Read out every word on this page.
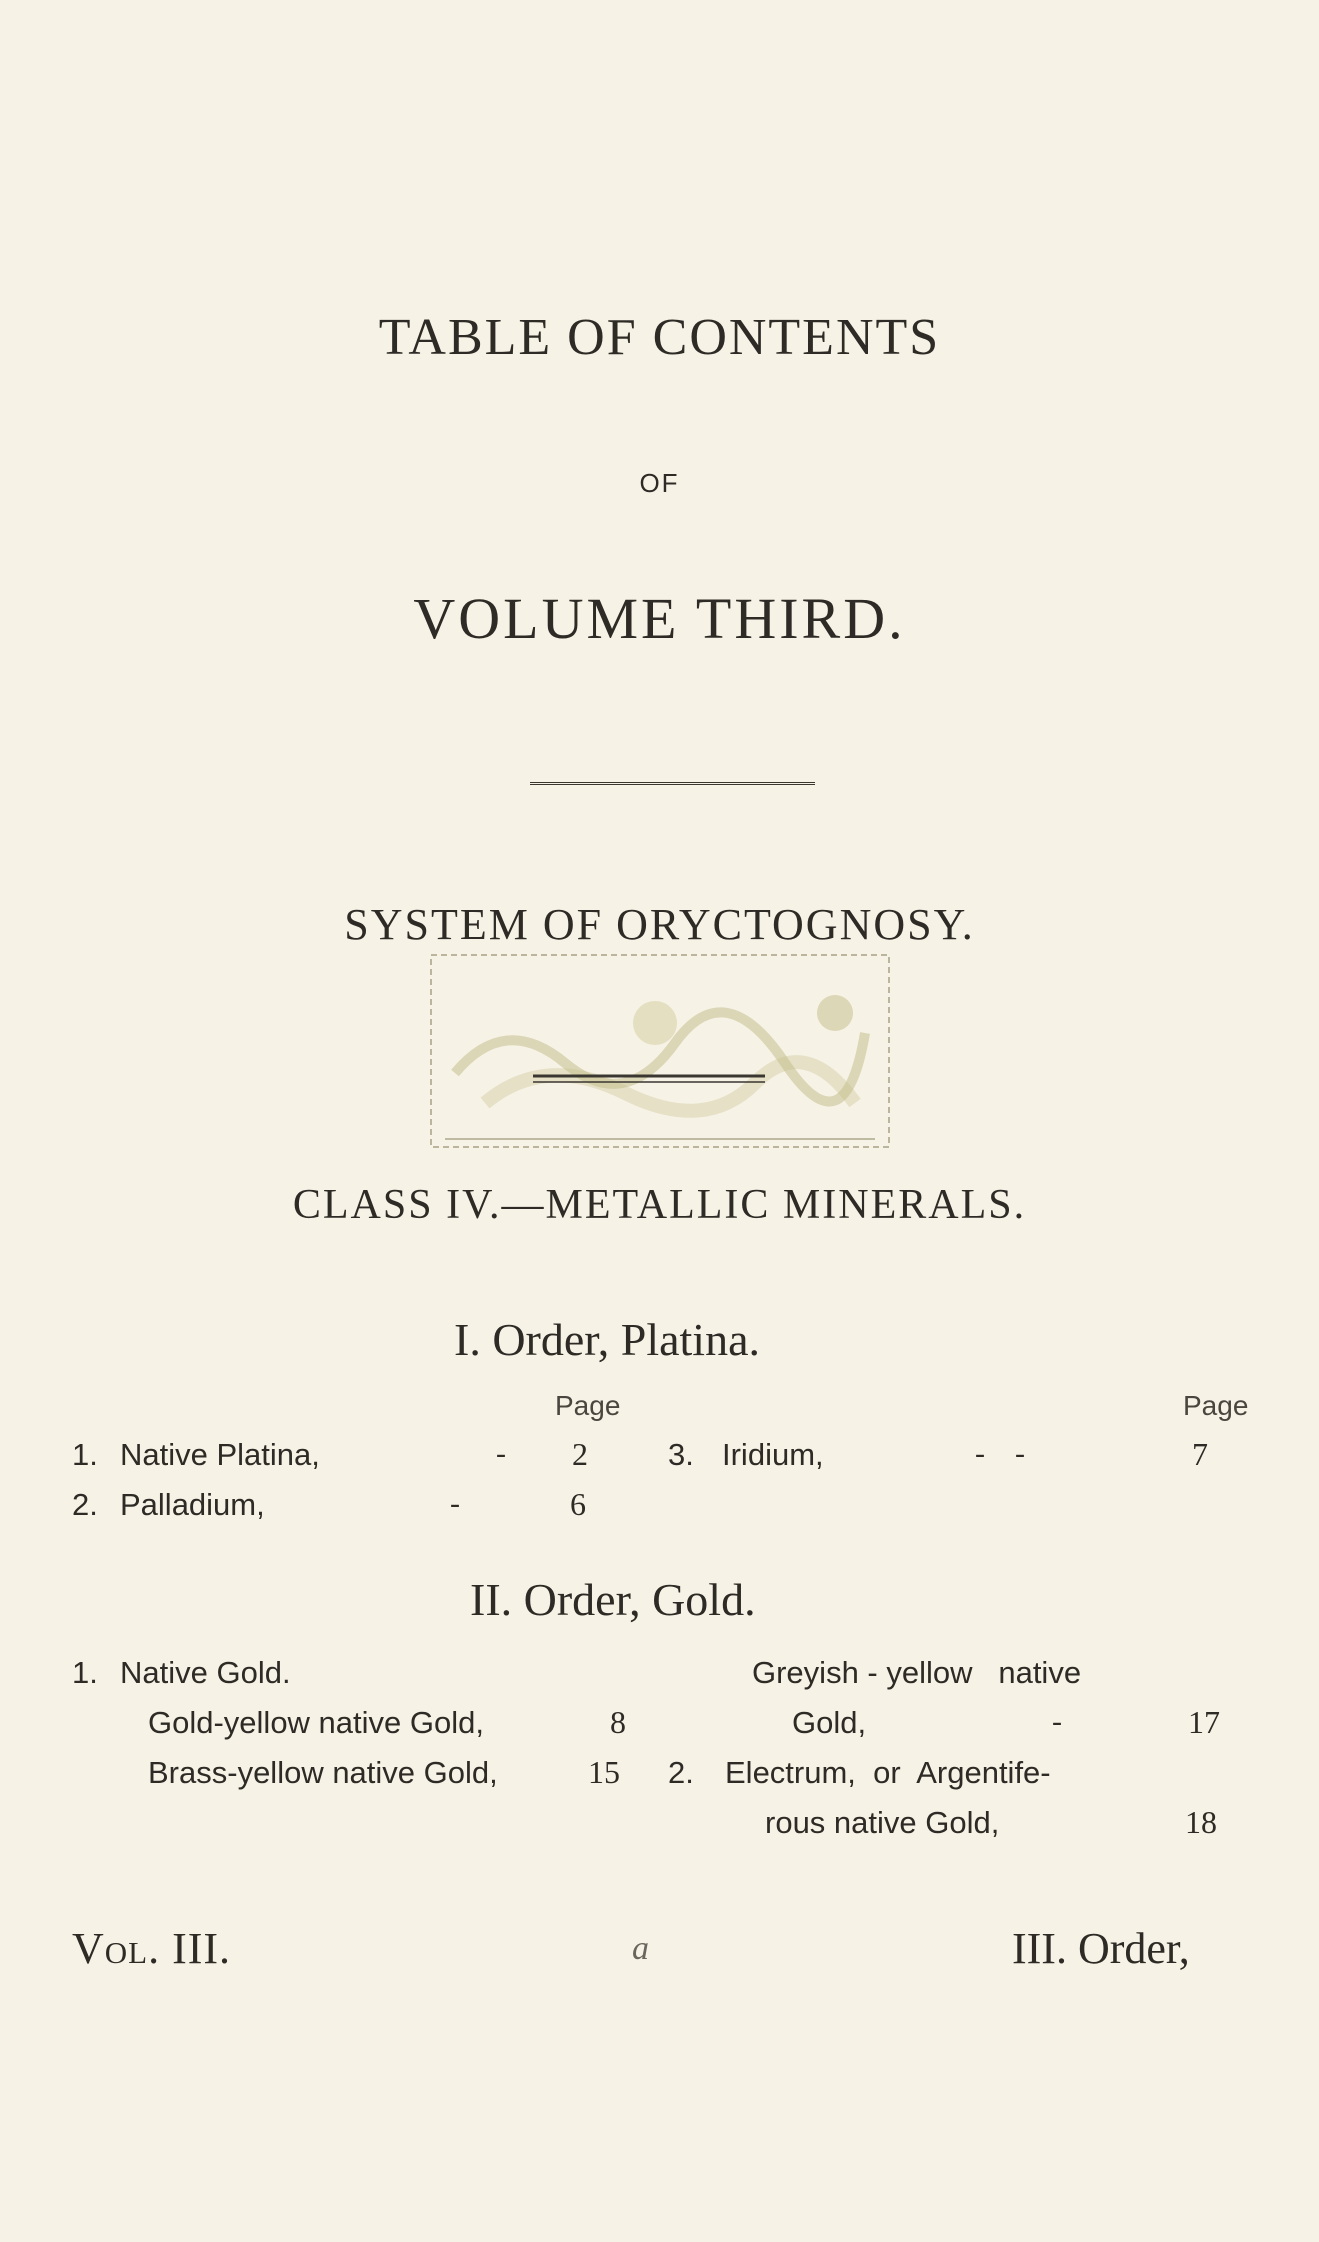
TABLE OF CONTENTS
OF
VOLUME THIRD.
SYSTEM OF ORYCTOGNOSY.
CLASS IV.—METALLIC MINERALS.
I. Order, Platina.
Page	Page
1. Native Platina,	- 2
2. Palladium,	-	6
3. Iridium,	-    -	7
II. Order, Gold.
1. Native Gold.
Gold-yellow native Gold,	8
Brass-yellow native Gold,	15
Greyish - yellow   native
Gold,	-	17
2. Electrum,  or  Argentife-
rous native Gold,	18
Vol. III.	a	III. Order,
